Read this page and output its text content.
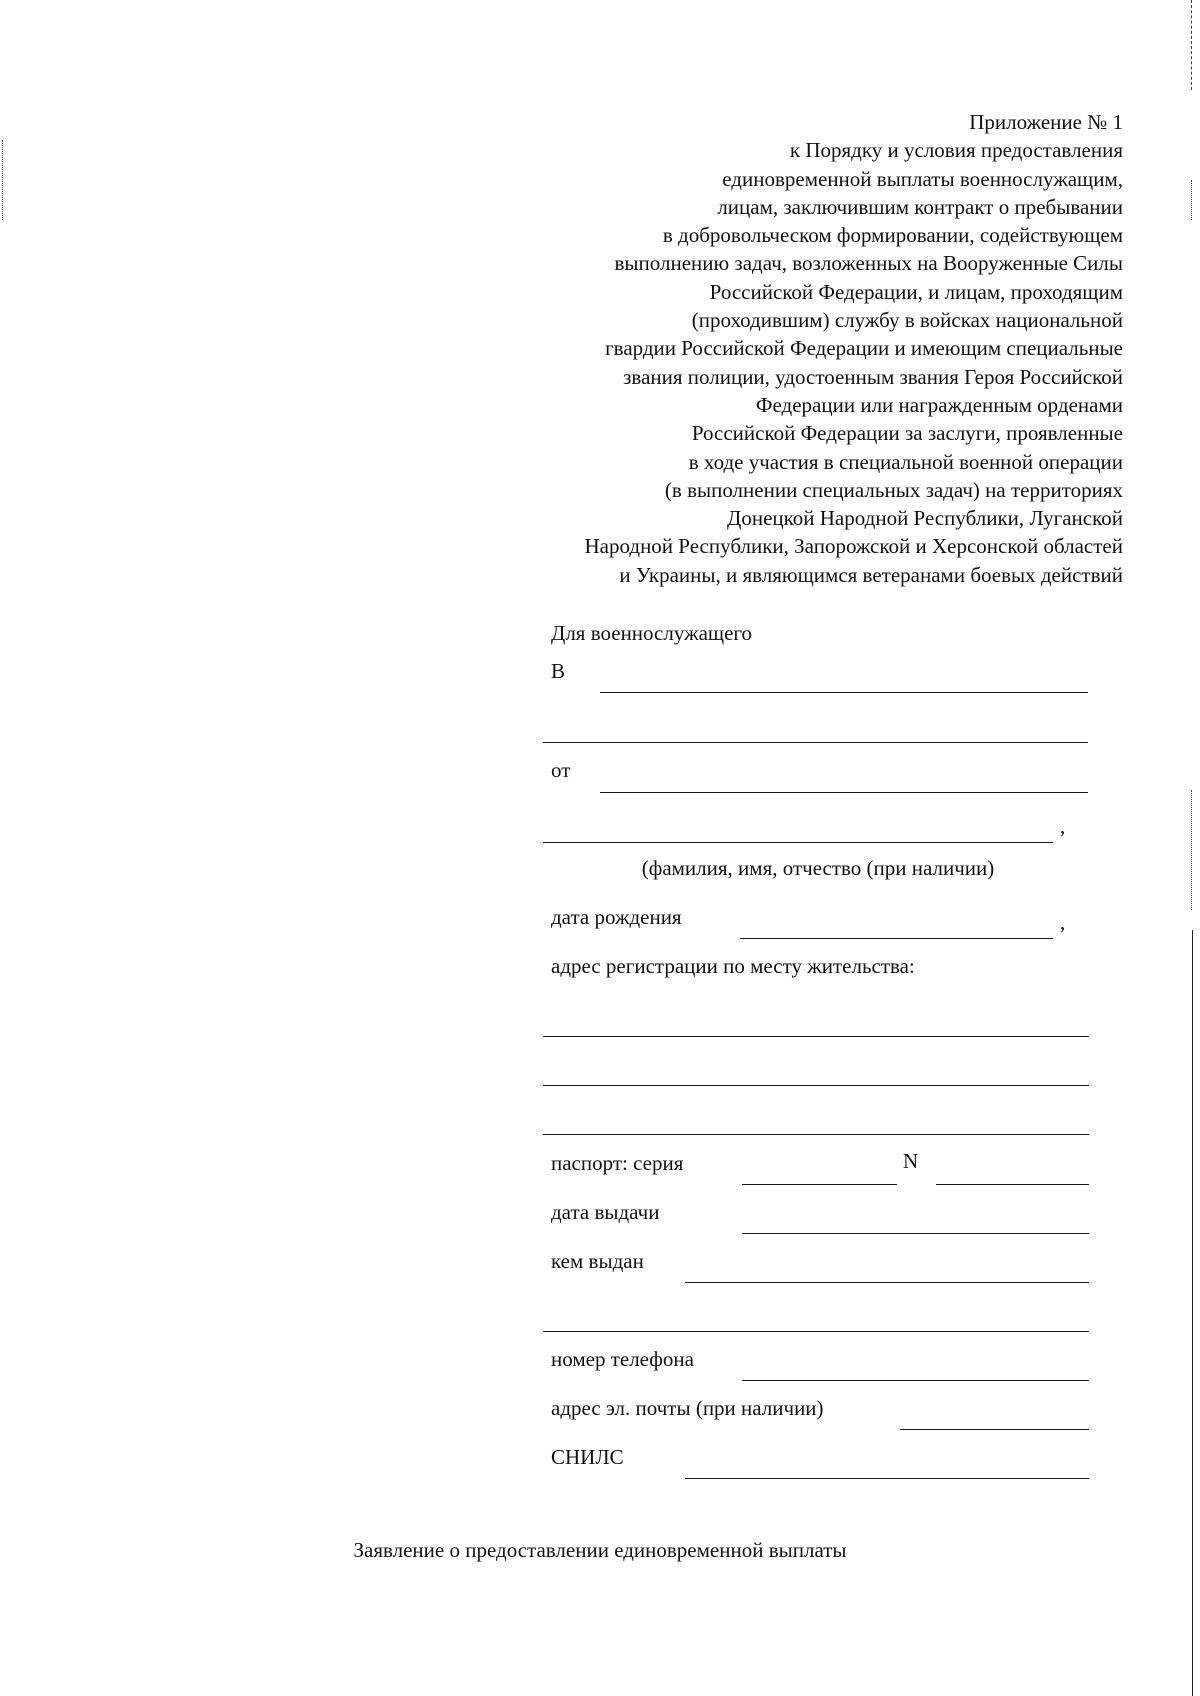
Приложение № 1
к Порядку и условия предоставления
единовременной выплаты военнослужащим,
лицам, заключившим контракт о пребывании
в добровольческом формировании, содействующем
выполнению задач, возложенных на Вооруженные Силы
Российской Федерации, и лицам, проходящим
(проходившим) службу в войсках национальной
гвардии Российской Федерации и имеющим специальные
звания полиции, удостоенным звания Героя Российской
Федерации или награжденным орденами
Российской Федерации за заслуги, проявленные
в ходе участия в специальной военной операции
(в выполнении специальных задач) на территориях
Донецкой Народной Республики, Луганской
Народной Республики, Запорожской и Херсонской областей
и Украины, и являющимся ветеранами боевых действий
Для военнослужащего
В
от
,
(фамилия, имя, отчество (при наличии)
дата рождения	,
адрес регистрации по месту жительства:
паспорт: серия	N
дата выдачи
кем выдан
номер телефона
адрес эл. почты (при наличии)
СНИЛС
Заявление о предоставлении единовременной выплаты
